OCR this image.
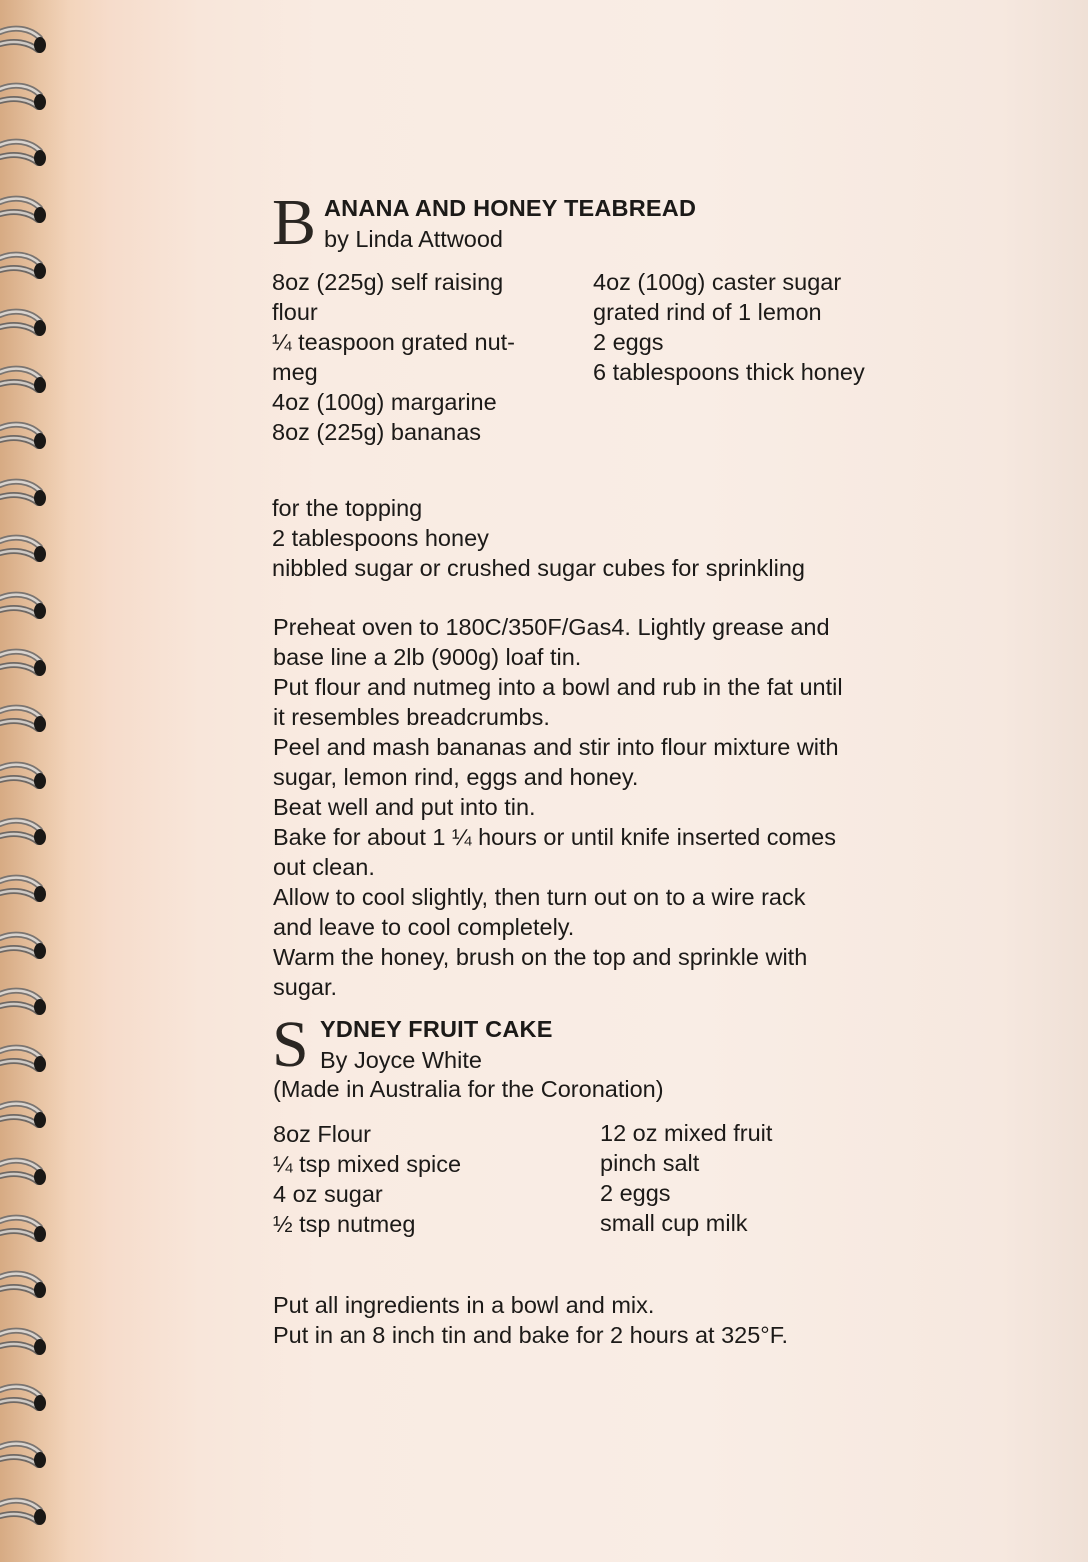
B ANANA AND HONEY TEABREAD
by Linda Attwood
8oz (225g) self raising
flour
¼ teaspoon grated nut-
meg
4oz (100g) margarine
8oz (225g) bananas
4oz (100g) caster sugar
grated rind of 1 lemon
2 eggs
6 tablespoons thick honey
for the topping
2 tablespoons honey
nibbled sugar or crushed sugar cubes for sprinkling
Preheat oven to 180C/350F/Gas4. Lightly grease and
base line a 2lb (900g) loaf tin.
Put flour and nutmeg into a bowl and rub in the fat until
it resembles breadcrumbs.
Peel and mash bananas and stir into flour mixture with
sugar, lemon rind, eggs and honey.
Beat well and put into tin.
Bake for about 1 ¼ hours or until knife inserted comes
out clean.
Allow to cool slightly, then turn out on to a wire rack
and leave to cool completely.
Warm the honey, brush on the top and sprinkle with
sugar.
S YDNEY FRUIT CAKE
By Joyce White
(Made in Australia for the Coronation)
8oz Flour
¼ tsp mixed spice
4 oz sugar
½ tsp nutmeg
12 oz mixed fruit
pinch salt
2 eggs
small cup milk
Put all ingredients in a bowl and mix.
Put in an 8 inch tin and bake for 2 hours at 325°F.
